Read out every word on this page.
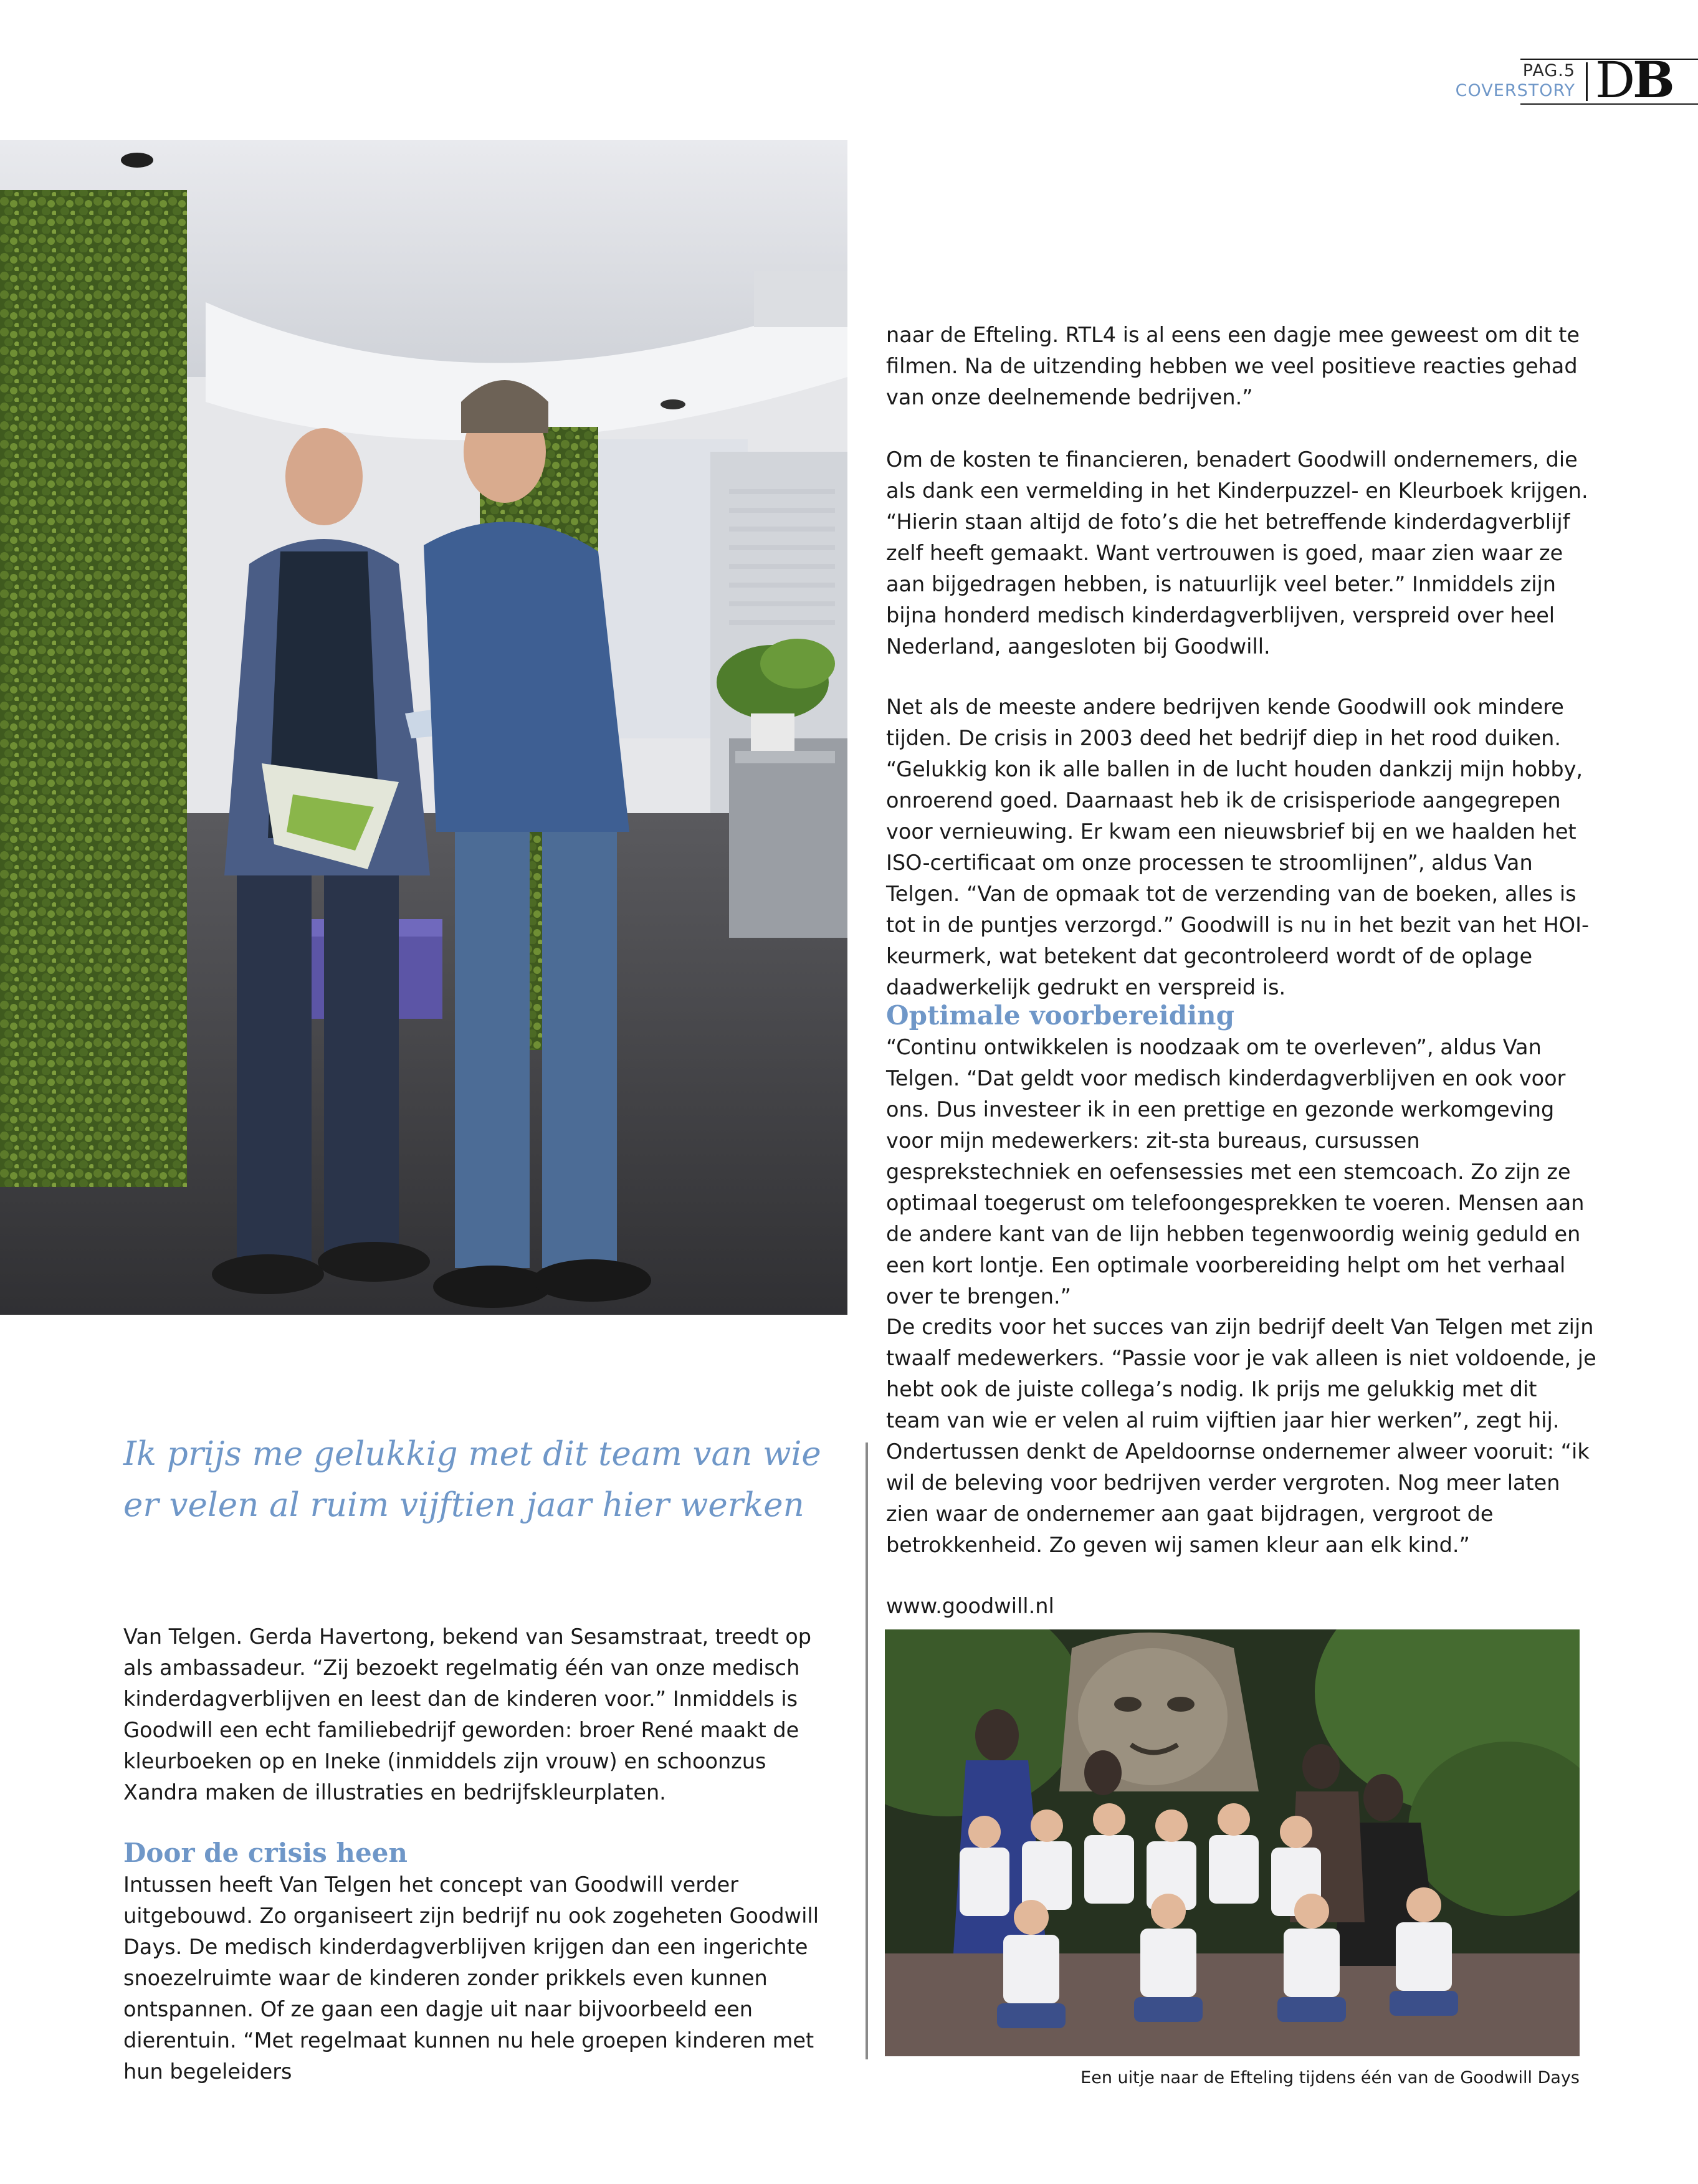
PAG.5
COVERSTORY DB
naar de Efteling. RTL4 is al eens een dagje mee geweest om dit te filmen. Na de uitzending hebben we veel positieve reacties gehad van onze deelnemende bedrijven.”
Om de kosten te financieren, benadert Goodwill ondernemers, die als dank een vermelding in het Kinderpuzzel- en Kleurboek krijgen. “Hierin staan altijd de foto’s die het betreffende kinderdagverblijf zelf heeft gemaakt. Want vertrouwen is goed, maar zien waar ze aan bijgedragen hebben, is natuurlijk veel beter.” Inmiddels zijn bijna honderd medisch kinderdagverblijven, verspreid over heel Nederland, aangesloten bij Goodwill.
Net als de meeste andere bedrijven kende Goodwill ook mindere tijden. De crisis in 2003 deed het bedrijf diep in het rood duiken. “Gelukkig kon ik alle ballen in de lucht houden dankzij mijn hobby, onroerend goed. Daarnaast heb ik de crisisperiode aangegrepen voor vernieuwing. Er kwam een nieuwsbrief bij en we haalden het ISO-certificaat om onze processen te stroomlijnen”, aldus Van Telgen. “Van de opmaak tot de verzending van de boeken, alles is tot in de puntjes verzorgd.” Goodwill is nu in het bezit van het HOI-keurmerk, wat betekent dat gecontroleerd wordt of de oplage daadwerkelijk gedrukt en verspreid is.
Optimale voorbereiding
“Continu ontwikkelen is noodzaak om te overleven”, aldus Van Telgen. “Dat geldt voor medisch kinderdagverblijven en ook voor ons. Dus investeer ik in een prettige en gezonde werkomgeving voor mijn medewerkers: zit-sta bureaus, cursussen gesprekstechniek en oefensessies met een stemcoach. Zo zijn ze optimaal toegerust om telefoongesprekken te voeren. Mensen aan de andere kant van de lijn hebben tegenwoordig weinig geduld en een kort lontje. Een optimale voorbereiding helpt om het verhaal over te brengen.”
De credits voor het succes van zijn bedrijf deelt Van Telgen met zijn twaalf medewerkers. “Passie voor je vak alleen is niet voldoende, je hebt ook de juiste collega’s nodig. Ik prijs me gelukkig met dit team van wie er velen al ruim vijftien jaar hier werken”, zegt hij. Ondertussen denkt de Apeldoornse ondernemer alweer vooruit: “ik wil de beleving voor bedrijven verder vergroten. Nog meer laten zien waar de ondernemer aan gaat bijdragen, vergroot de betrokkenheid. Zo geven wij samen kleur aan elk kind.”
www.goodwill.nl
Ik prijs me gelukkig met dit team van wie er velen al ruim vijftien jaar hier werken
Van Telgen. Gerda Havertong, bekend van Sesamstraat, treedt op als ambassadeur. “Zij bezoekt regelmatig één van onze medisch kinderdagverblijven en leest dan de kinderen voor.” Inmiddels is Goodwill een echt familiebedrijf geworden: broer René maakt de kleurboeken op en Ineke (inmiddels zijn vrouw) en schoonzus Xandra maken de illustraties en bedrijfskleurplaten.
Door de crisis heen
Intussen heeft Van Telgen het concept van Goodwill verder uitgebouwd. Zo organiseert zijn bedrijf nu ook zogeheten Goodwill Days. De medisch kinderdagverblijven krijgen dan een ingerichte snoezelruimte waar de kinderen zonder prikkels even kunnen ontspannen. Of ze gaan een dagje uit naar bijvoorbeeld een dierentuin. “Met regelmaat kunnen nu hele groepen kinderen met hun begeleiders	Een uitje naar de Efteling tijdens één van de Goodwill Days
